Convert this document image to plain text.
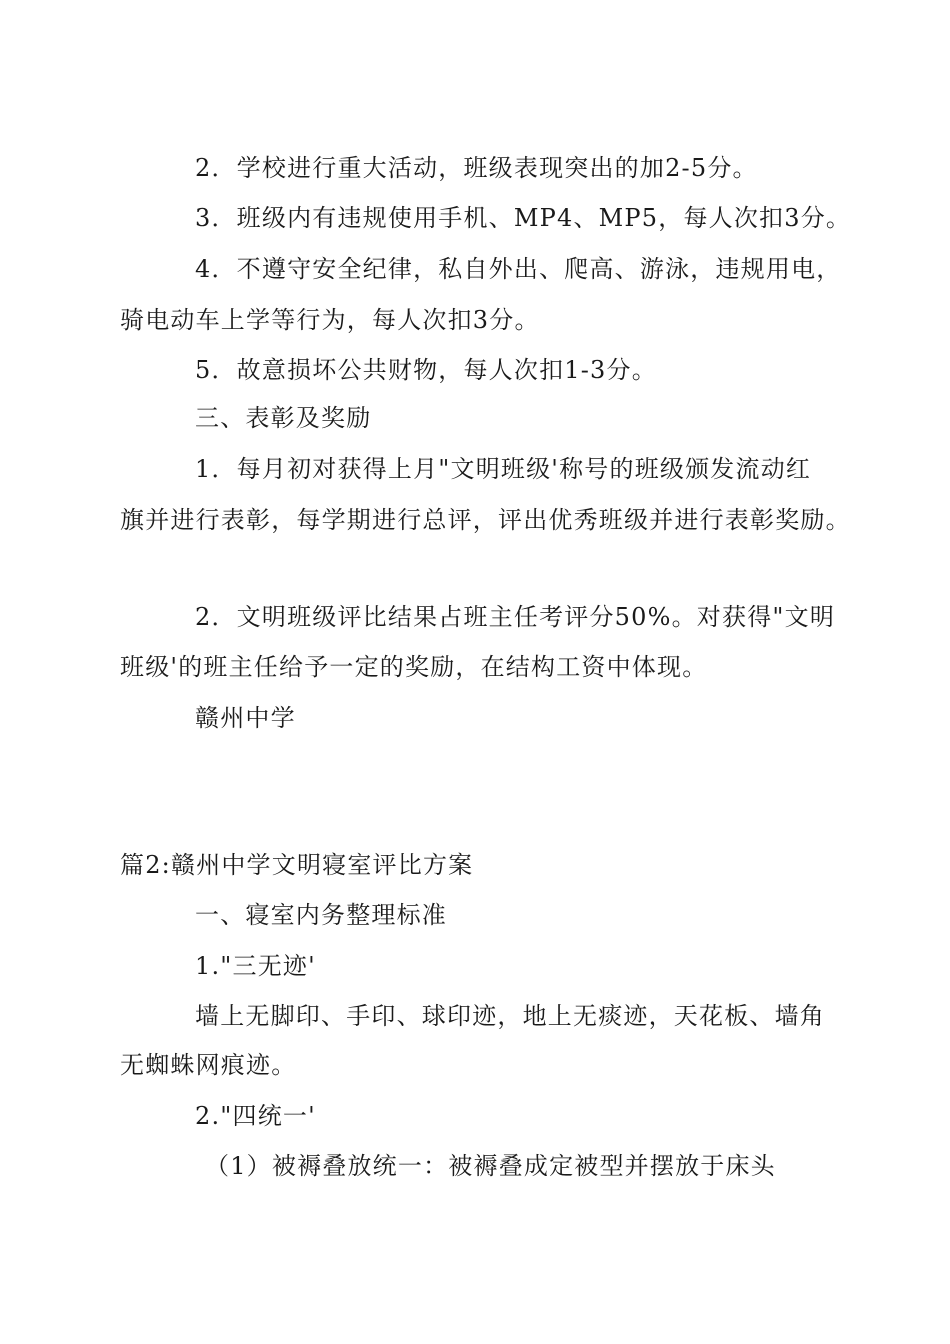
2．学校进行重大活动，班级表现突出的加2-5分。
3．班级内有违规使用手机、MP4、MP5，每人次扣3分。
4．不遵守安全纪律，私自外出、爬高、游泳，违规用电，
骑电动车上学等行为，每人次扣3分。
5．故意损坏公共财物，每人次扣1-3分。
三、表彰及奖励
1．每月初对获得上月"文明班级'称号的班级颁发流动红
旗并进行表彰，每学期进行总评，评出优秀班级并进行表彰奖励。
2．文明班级评比结果占班主任考评分50%。对获得"文明
班级'的班主任给予一定的奖励，在结构工资中体现。
赣州中学
篇2:赣州中学文明寝室评比方案
一、寝室内务整理标准
1."三无迹'
墙上无脚印、手印、球印迹，地上无痰迹，天花板、墙角
无蜘蛛网痕迹。
2."四统一'
（1）被褥叠放统一：被褥叠成定被型并摆放于床头
